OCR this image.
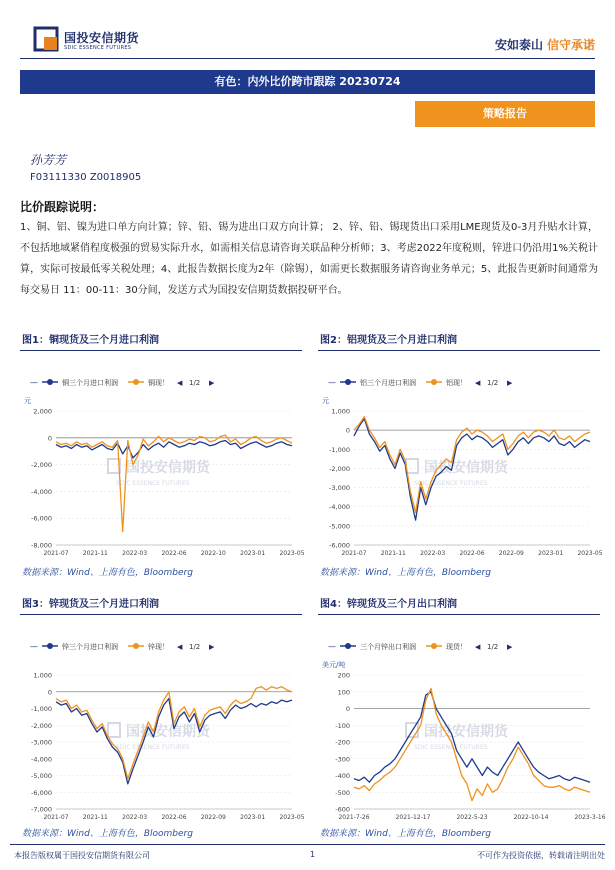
国投安信期货
SDIC ESSENCE FUTURES	安如泰山 信守承诺
有色：内外比价跨市跟踪 20230724
策略报告
孙芳芳
F03111330 Z0018905
比价跟踪说明：
1、铜、铝、镍为进口单方向计算；锌、铅、锡为进出口双方向计算； 2、锌、铅、锡现货出口采用LME现货及0-3月升贴水计算，不包括地域紧俏程度极强的贸易实际升水，如需相关信息请咨询关联品种分析师；3、考虑2022年度税则，锌进口仍沿用1%关税计算，实际可按最低零关税处理；4、此报告数据长度为2年（除锡），如需更长数据服务请咨询业务单元；5、此报告更新时间通常为每交易日 11：00-11：30分间，发送方式为国投安信期货数据投研平台。
图1：铜现货及三个月进口利润
—	铜三个月进口利润	铜现！ ◀ 1/2 ▶
元
国投安信期货
SDIC ESSENCE FUTURES
2,000
0
-2,000
-4,000
-6,000
-8,000
2021-07 2021-11 2022-03 2022-06 2022-10 2023-01 2023-05
数据来源：Wind、上海有色，Bloomberg
图2：铝现货及三个月进口利润
—	铝三个月进口利润	铝现！ ◀ 1/2 ▶
元
国投安信期货
SDIC ESSENCE FUTURES
1,000
0
-1,000
-2,000
-3,000
-4,000
-5,000
-6,000
2021-07 2021-11 2022-03 2022-06 2022-09 2023-01 2023-05
数据来源：Wind、上海有色，Bloomberg
图3：锌现货及三个月进口利润
—	锌三个月进口利润	锌现！ ◀ 1/2 ▶
国投安信期货
SDIC ESSENCE FUTURES
1,000
0
-1,000
-2,000
-3,000
-4,000
-5,000
-6,000
-7,000
2021-07 2021-11 2022-03 2022-06 2022-09 2023-01 2023-05
数据来源：Wind、上海有色，Bloomberg
图4：锌现货及三个月出口利润
—	三个月锌出口利润	现货！ ◀ 1/2 ▶
美元/吨
国投安信期货
SDIC ESSENCE FUTURES
200
100
0
-100
-200
-300
-400
-500
-600
2021-7-26	2021-12-17	2022-5-23	2022-10-14	2023-3-16
数据来源：Wind、上海有色，Bloomberg
本报告版权属于国投安信期货有限公司	1	不可作为投资依据，转载请注明出处
